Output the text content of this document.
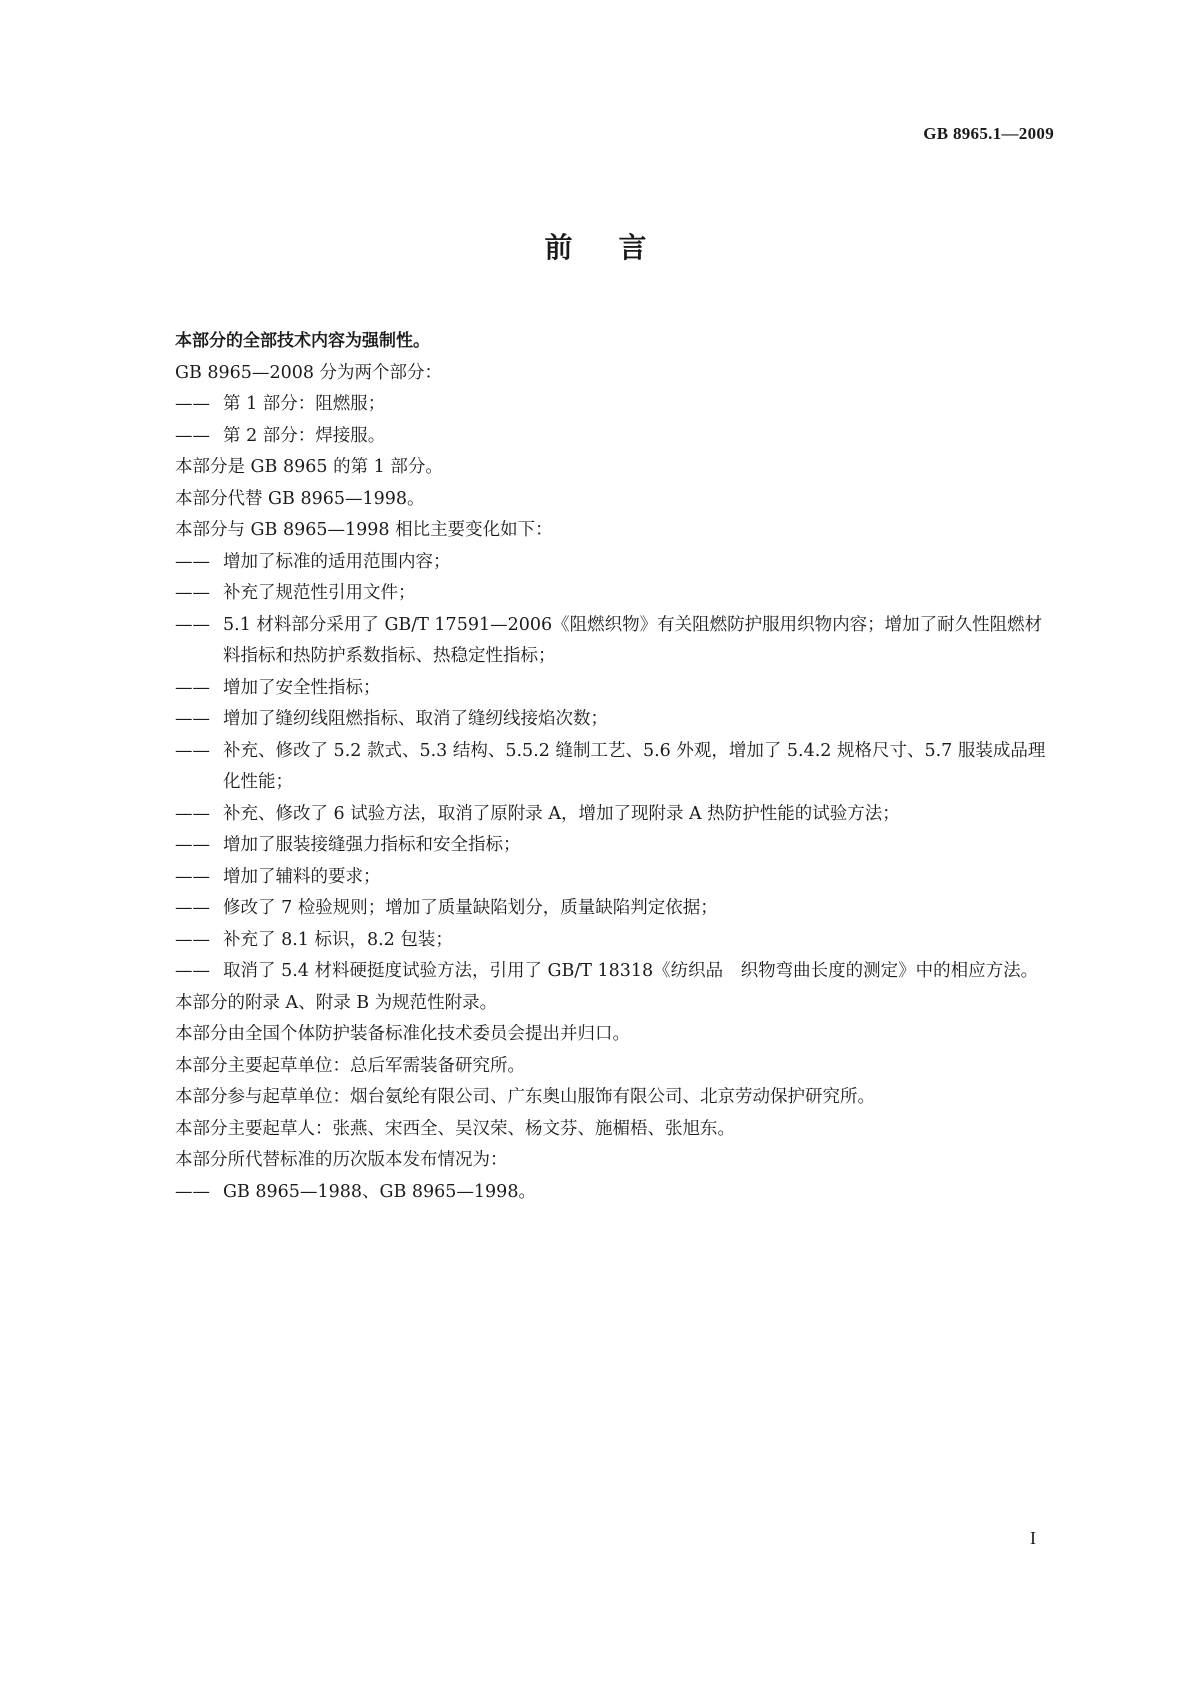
GB 8965.1—2009
前言
本部分的全部技术内容为强制性。
GB 8965—2008 分为两个部分：
—— 第 1 部分：阻燃服；
—— 第 2 部分：焊接服。
本部分是 GB 8965 的第 1 部分。
本部分代替 GB 8965—1998。
本部分与 GB 8965—1998 相比主要变化如下：
—— 增加了标准的适用范围内容；
—— 补充了规范性引用文件；
—— 5.1 材料部分采用了 GB/T 17591—2006《阻燃织物》有关阻燃防护服用织物内容；增加了耐久性阻燃材料指标和热防护系数指标、热稳定性指标；
—— 增加了安全性指标；
—— 增加了缝纫线阻燃指标、取消了缝纫线接焰次数；
—— 补充、修改了 5.2 款式、5.3 结构、5.5.2 缝制工艺、5.6 外观，增加了 5.4.2 规格尺寸、5.7 服装成品理化性能；
—— 补充、修改了 6 试验方法，取消了原附录 A，增加了现附录 A 热防护性能的试验方法；
—— 增加了服装接缝强力指标和安全指标；
—— 增加了辅料的要求；
—— 修改了 7 检验规则；增加了质量缺陷划分，质量缺陷判定依据；
—— 补充了 8.1 标识，8.2 包装；
—— 取消了 5.4 材料硬挺度试验方法，引用了 GB/T 18318《纺织品　织物弯曲长度的测定》中的相应方法。
本部分的附录 A、附录 B 为规范性附录。
本部分由全国个体防护装备标准化技术委员会提出并归口。
本部分主要起草单位：总后军需装备研究所。
本部分参与起草单位：烟台氨纶有限公司、广东奥山服饰有限公司、北京劳动保护研究所。
本部分主要起草人：张燕、宋西全、吴汉荣、杨文芬、施楣梧、张旭东。
本部分所代替标准的历次版本发布情况为：
—— GB 8965—1988、GB 8965—1998。
I
